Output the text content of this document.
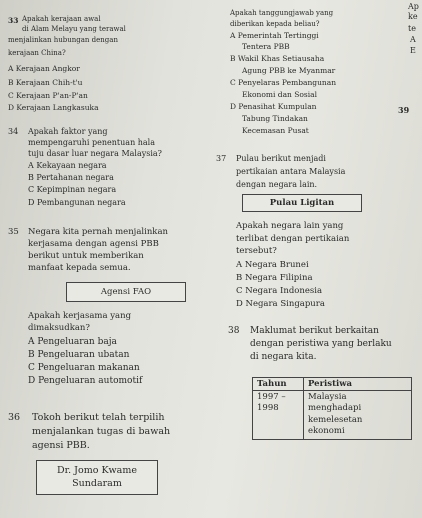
33 Apakah kerajaan awal
di Alam Melayu yang terawal
menjalinkan hubungan dengan
kerajaan China?
A Kerajaan Angkor
B Kerajaan Chih-t'u
C Kerajaan P'an-P'an
D Kerajaan Langkasuka
34 Apakah faktor yang
mempengaruhi penentuan hala
tuju dasar luar negara Malaysia?
A Kekayaan negara
B Pertahanan negara
C Kepimpinan negara
D Pembangunan negara
35 Negara kita pernah menjalinkan
kerjasama dengan agensi PBB
berikut untuk memberikan
manfaat kepada semua.
Agensi FAO
Apakah kerjasama yang
dimaksudkan?
A Pengeluaran baja
B Pengeluaran ubatan
C Pengeluaran makanan
D Pengeluaran automotif
36 Tokoh berikut telah terpilih
menjalankan tugas di bawah
agensi PBB.
Dr. Jomo Kwame
Sundaram
Apakah tanggungjawab yang
diberikan kepada beliau?
A Pemerintah Tertinggi
Tentera PBB
B Wakil Khas Setiausaha
Agung PBB ke Myanmar
C Penyelaras Pembangunan
Ekonomi dan Sosial
D Penasihat Kumpulan
Tabung Tindakan
Kecemasan Pusat
37 Pulau berikut menjadi
pertikaian antara Malaysia
dengan negara lain.
Pulau Ligitan
Apakah negara lain yang
terlibat dengan pertikaian
tersebut?
A Negara Brunei
B Negara Filipina
C Negara Indonesia
D Negara Singapura
38 Maklumat berikut berkaitan
dengan peristiwa yang berlaku
di negara kita.
Tahun	Peristiwa
1997 –
1998	Malaysia
menghadapi
kemelesetan
ekonomi
Ap
ke
te
A
E
39
